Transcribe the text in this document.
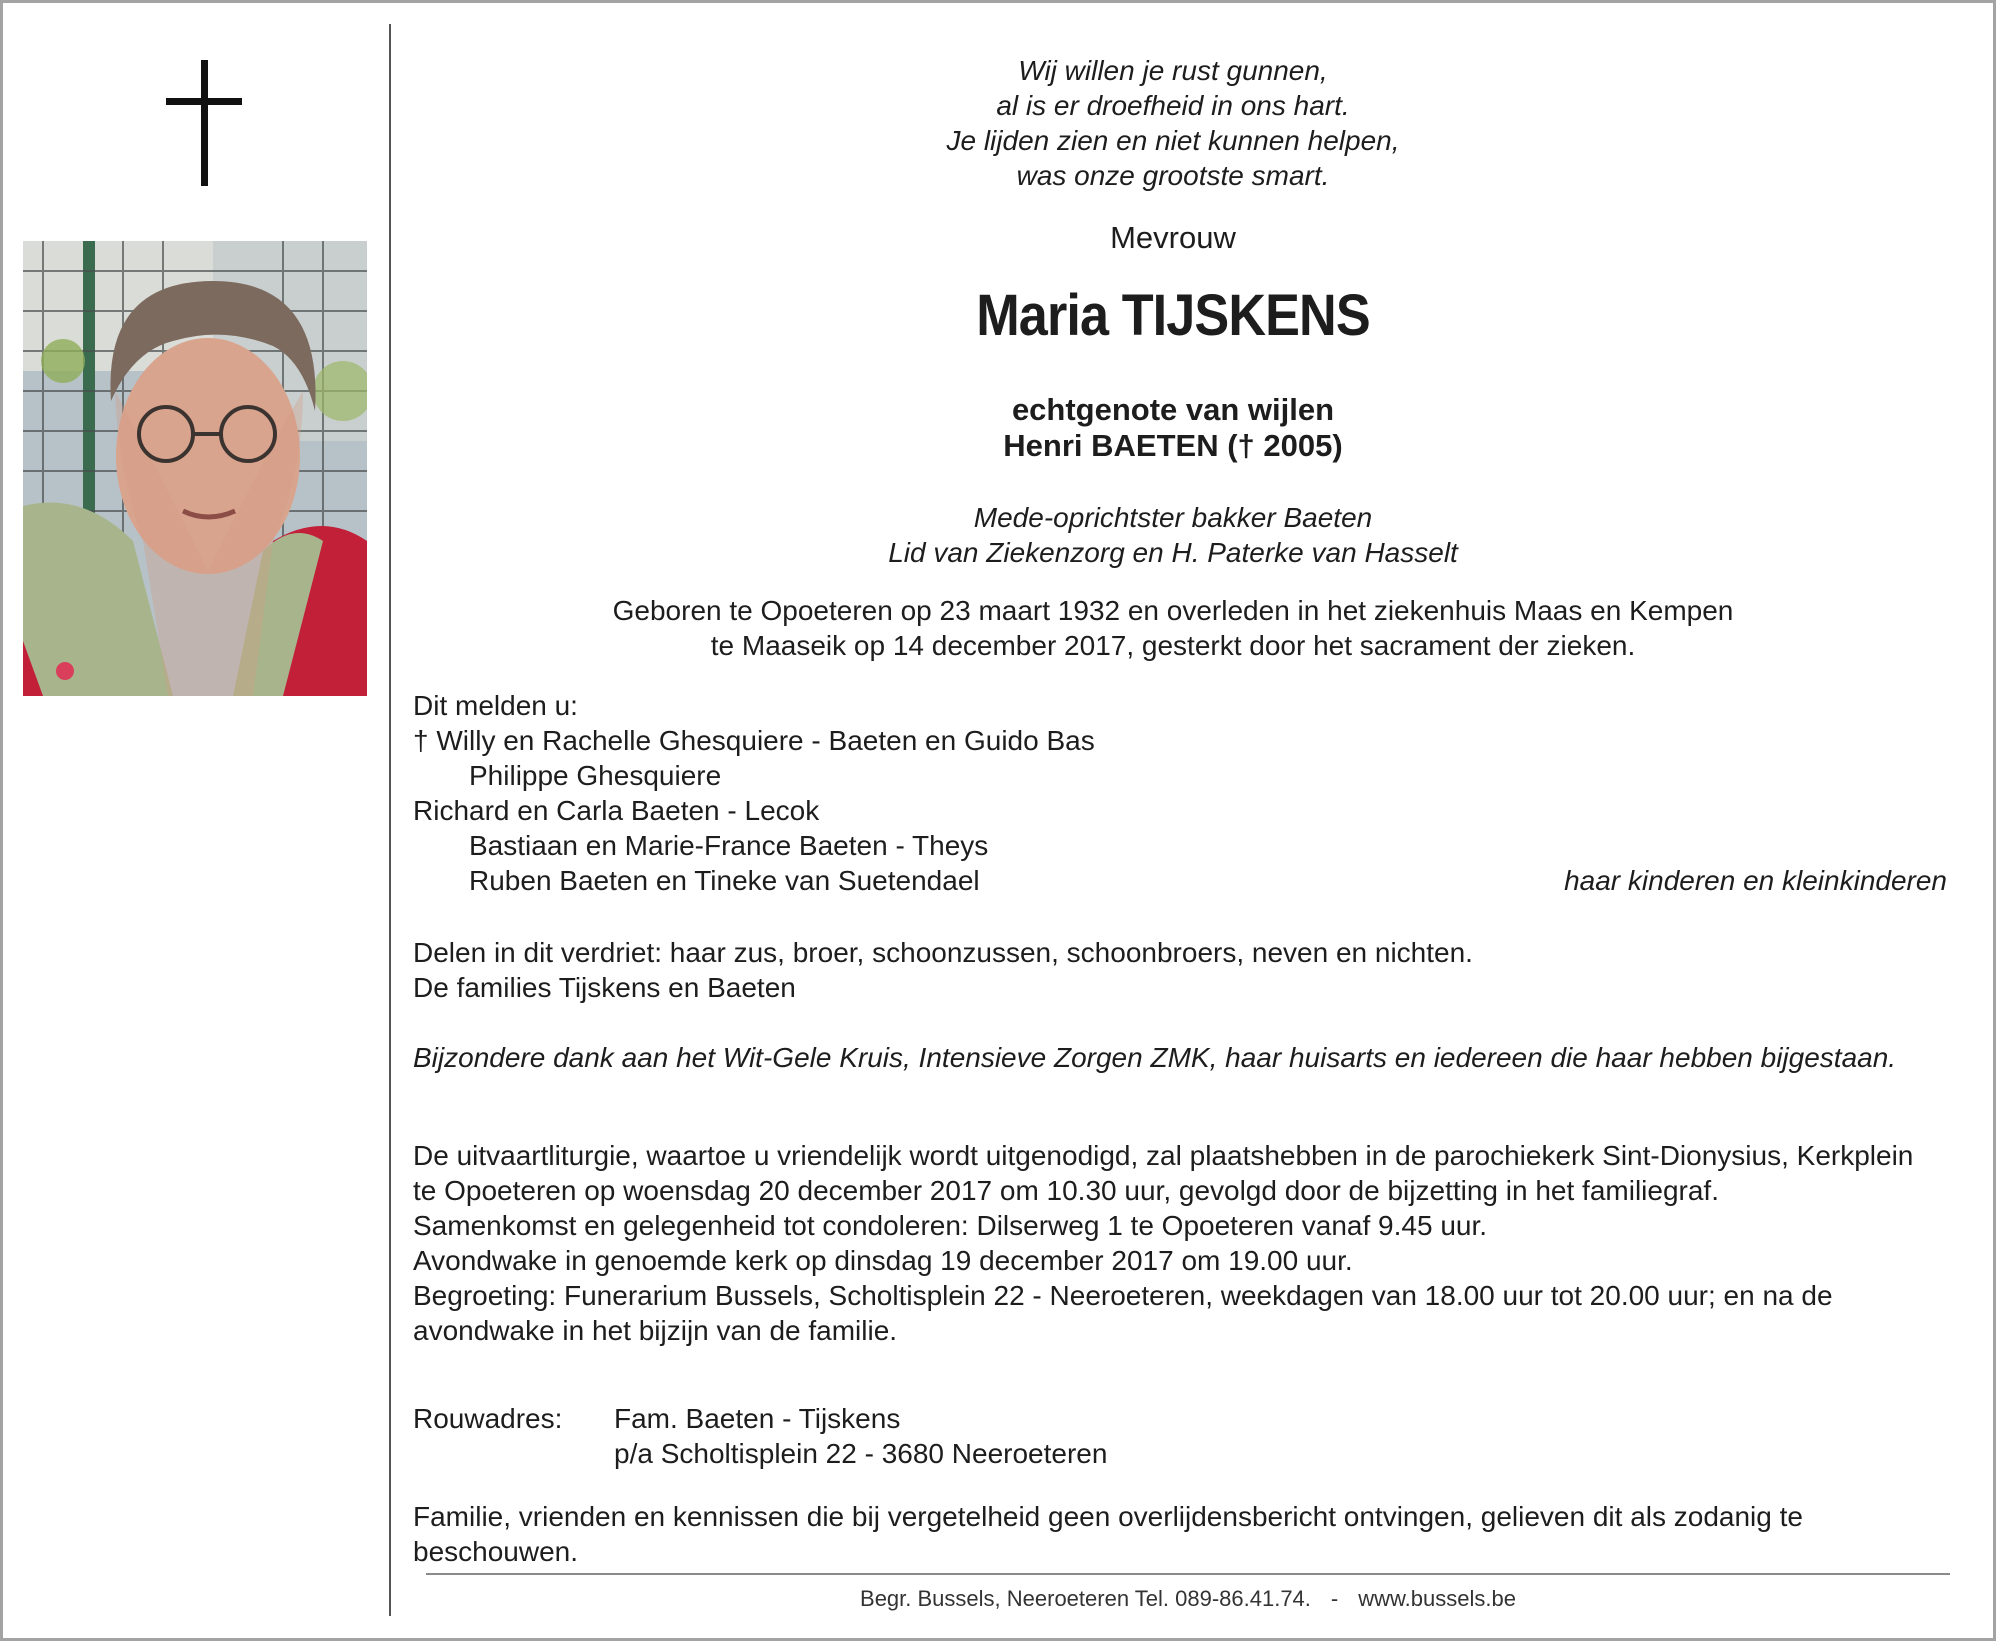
Wij willen je rust gunnen,
al is er droefheid in ons hart.
Je lijden zien en niet kunnen helpen,
was onze grootste smart.
Mevrouw
Maria TIJSKENS
echtgenote van wijlen
Henri BAETEN († 2005)
Mede-oprichtster bakker Baeten
Lid van Ziekenzorg en H. Paterke van Hasselt
Geboren te Opoeteren op 23 maart 1932 en overleden in het ziekenhuis Maas en Kempen
te Maaseik op 14 december 2017, gesterkt door het sacrament der zieken.
Dit melden u:
† Willy en Rachelle Ghesquiere - Baeten en Guido Bas
Philippe Ghesquiere
Richard en Carla Baeten - Lecok
Bastiaan en Marie-France Baeten - Theys
Ruben Baeten en Tineke van Suetendael	haar kinderen en kleinkinderen
Delen in dit verdriet: haar zus, broer, schoonzussen, schoonbroers, neven en nichten.
De families Tijskens en Baeten
Bijzondere dank aan het Wit-Gele Kruis, Intensieve Zorgen ZMK, haar huisarts en iedereen die haar hebben bijgestaan.
De uitvaartliturgie, waartoe u vriendelijk wordt uitgenodigd, zal plaatshebben in de parochiekerk Sint-Dionysius, Kerkplein te Opoeteren op woensdag 20 december 2017 om 10.30 uur, gevolgd door de bijzetting in het familiegraf.
Samenkomst en gelegenheid tot condoleren: Dilserweg 1 te Opoeteren vanaf 9.45 uur.
Avondwake in genoemde kerk op dinsdag 19 december 2017 om 19.00 uur.
Begroeting: Funerarium Bussels, Scholtisplein 22 - Neeroeteren, weekdagen van 18.00 uur tot 20.00 uur; en na de avondwake in het bijzijn van de familie.
Rouwadres: Fam. Baeten - Tijskens
p/a Scholtisplein 22 - 3680 Neeroeteren
Familie, vrienden en kennissen die bij vergetelheid geen overlijdensbericht ontvingen, gelieven dit als zodanig te beschouwen.
Begr. Bussels, Neeroeteren Tel. 089-86.41.74. - www.bussels.be
